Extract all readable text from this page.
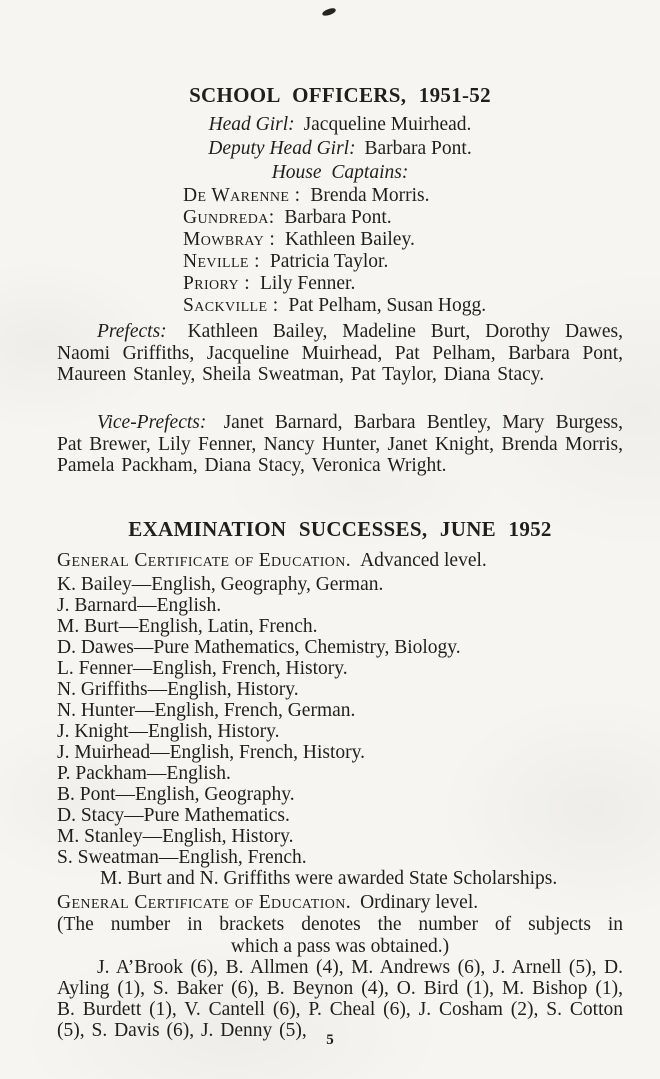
SCHOOL OFFICERS, 1951-52

Head Girl: Jacqueline Muirhead.

Deputy Head Girl: Barbara Pont.

House Captains:

De Warenne : Brenda Morris.
Gundreda: Barbara Pont.
Mowbray : Kathleen Bailey.
Neville : Patricia Taylor.
Priory : Lily Fenner.
Sackville : Pat Pelham, Susan Hogg.

Prefects: Kathleen Bailey, Madeline Burt, Dorothy Dawes, Naomi Griffiths, Jacqueline Muirhead, Pat Pelham, Barbara Pont, Maureen Stanley, Sheila Sweatman, Pat Taylor, Diana Stacy.

Vice-Prefects: Janet Barnard, Barbara Bentley, Mary Burgess, Pat Brewer, Lily Fenner, Nancy Hunter, Janet Knight, Brenda Morris, Pamela Packham, Diana Stacy, Veronica Wright.

EXAMINATION SUCCESSES, JUNE 1952

General Certificate of Education. Advanced level.

K. Bailey—English, Geography, German.
J. Barnard—English.
M. Burt—English, Latin, French.
D. Dawes—Pure Mathematics, Chemistry, Biology.
L. Fenner—English, French, History.
N. Griffiths—English, History.
N. Hunter—English, French, German.
J. Knight—English, History.
J. Muirhead—English, French, History.
P. Packham—English.
B. Pont—English, Geography.
D. Stacy—Pure Mathematics.
M. Stanley—English, History.
S. Sweatman—English, French.

M. Burt and N. Griffiths were awarded State Scholarships.

General Certificate of Education. Ordinary level.

(The number in brackets denotes the number of subjects in
which a pass was obtained.)

J. A’Brook (6), B. Allmen (4), M. Andrews (6), J. Arnell (5), D. Ayling (1), S. Baker (6), B. Beynon (4), O. Bird (1), M. Bishop (1), B. Burdett (1), V. Cantell (6), P. Cheal (6), J. Cosham (2), S. Cotton (5), S. Davis (6), J. Denny (5),	5
